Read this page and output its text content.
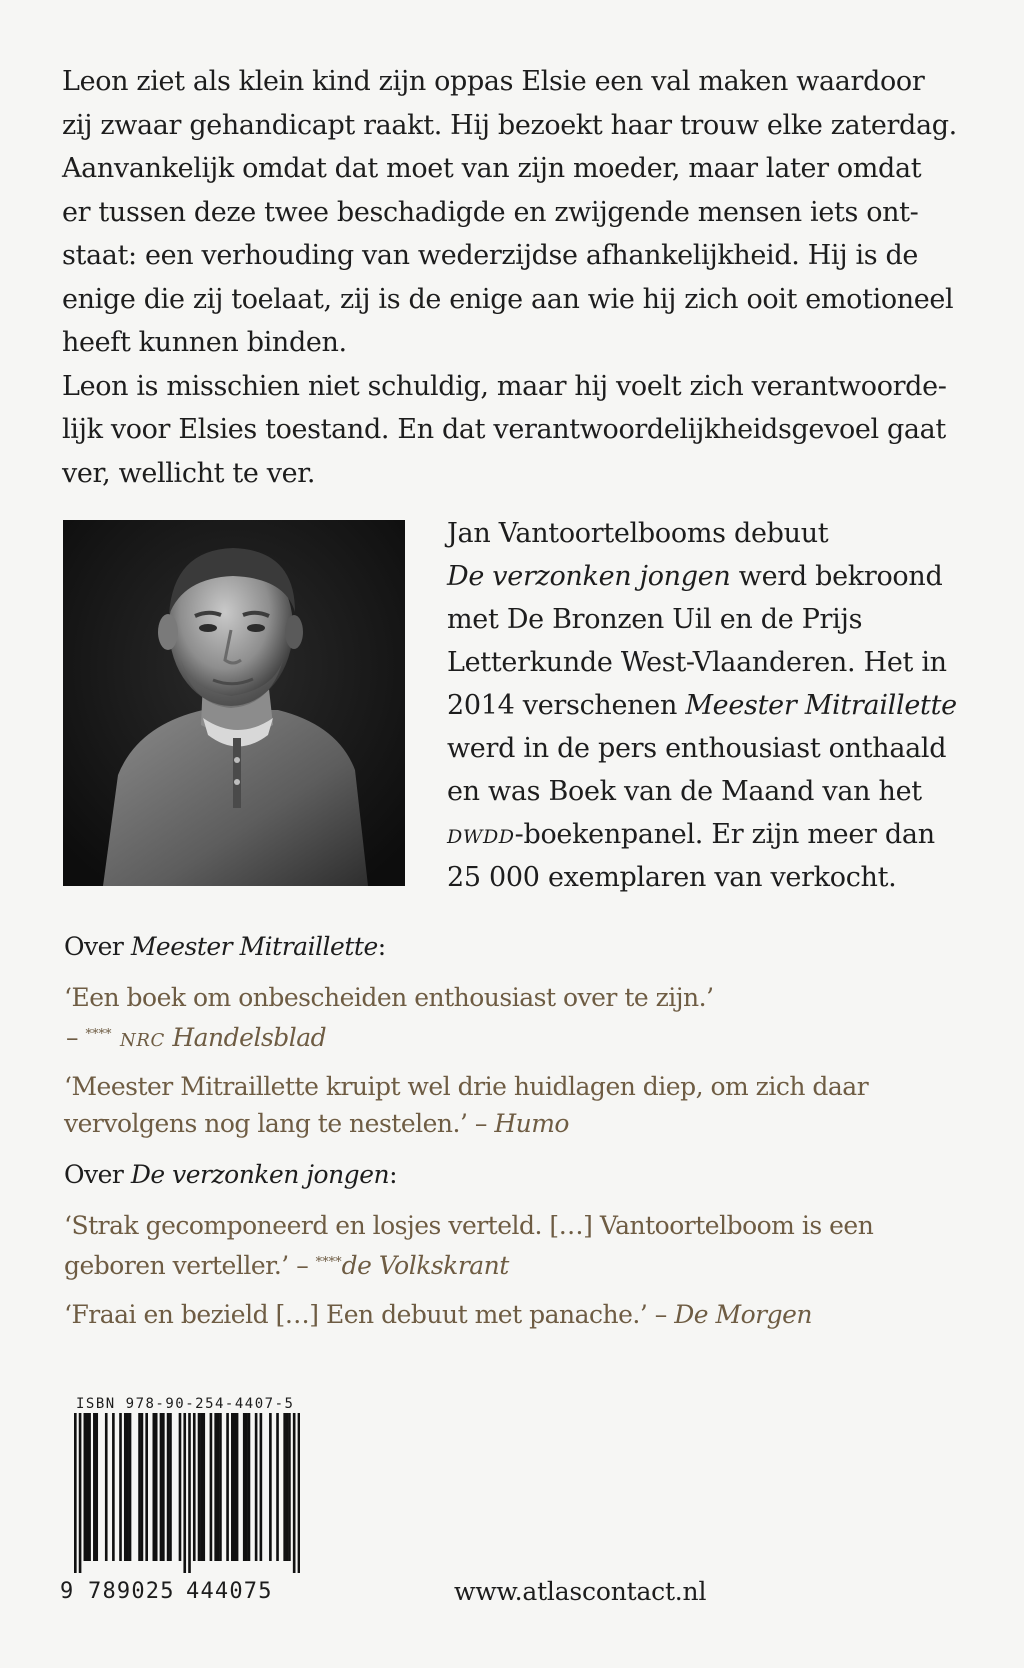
Leon ziet als klein kind zijn oppas Elsie een val maken waardoor
zij zwaar gehandicapt raakt. Hij bezoekt haar trouw elke zaterdag.
Aanvankelijk omdat dat moet van zijn moeder, maar later omdat
er tussen deze twee beschadigde en zwijgende mensen iets ont-
staat: een verhouding van wederzijdse afhankelijkheid. Hij is de
enige die zij toelaat, zij is de enige aan wie hij zich ooit emotioneel
heeft kunnen binden.

Leon is misschien niet schuldig, maar hij voelt zich verantwoorde-
lijk voor Elsies toestand. En dat verantwoordelijkheidsgevoel gaat
ver, wellicht te ver.

Jan Vantoortelbooms debuut
De verzonken jongen werd bekroond
met De Bronzen Uil en de Prijs
Letterkunde West-Vlaanderen. Het in
2014 verschenen Meester Mitraillette
werd in de pers enthousiast onthaald
en was Boek van de Maand van het
dwdd-boekenpanel. Er zijn meer dan
25 000 exemplaren van verkocht.

Over Meester Mitraillette:

‘Een boek om onbescheiden enthousiast over te zijn.’
– **** nrc Handelsblad

‘Meester Mitraillette kruipt wel drie huidlagen diep, om zich daar
vervolgens nog lang te nestelen.’ – Humo

Over De verzonken jongen:

‘Strak gecomponeerd en losjes verteld. […] Vantoortelboom is een
geboren verteller.’ – ****de Volkskrant

‘Fraai en bezield […] Een debuut met panache.’ – De Morgen

ISBN 978-90-254-4407-5
9 789025 444075	www.atlascontact.nl
